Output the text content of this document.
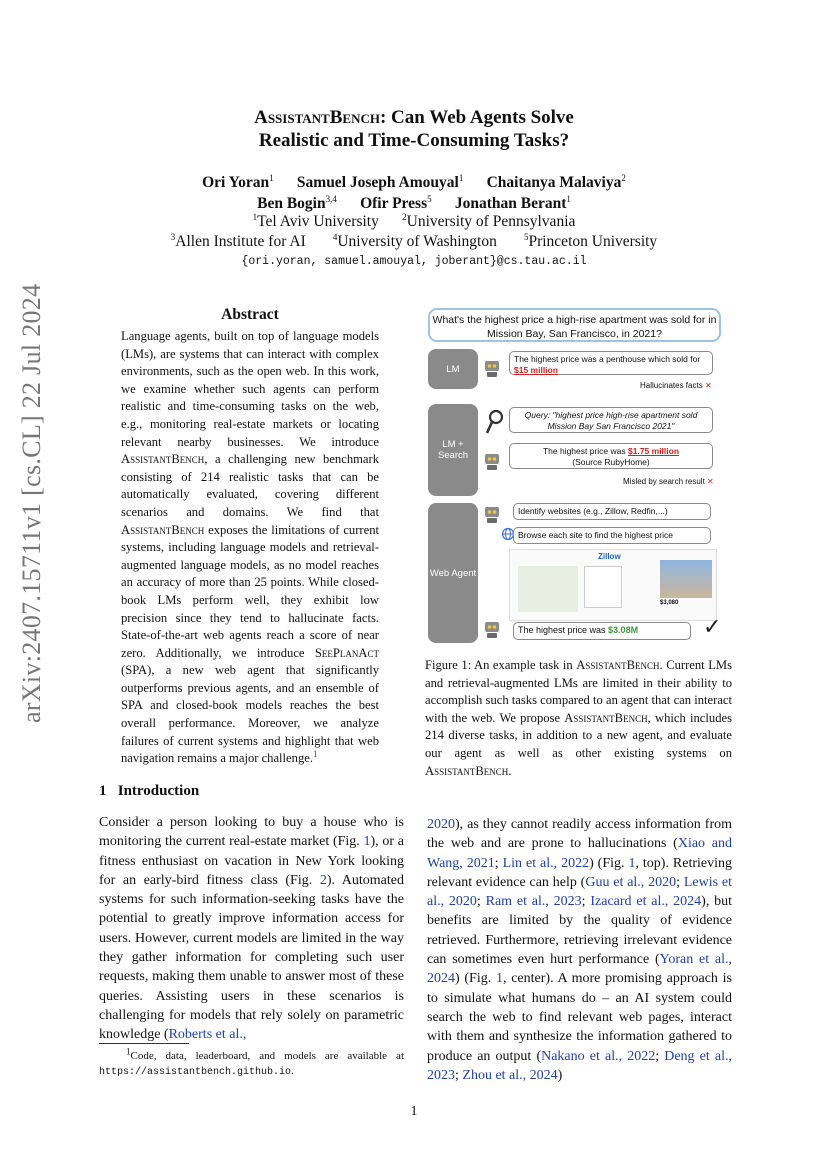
arXiv:2407.15711v1 [cs.CL] 22 Jul 2024
AssistantBench: Can Web Agents Solve
Realistic and Time-Consuming Tasks?
Ori Yoran$^1$ Samuel Joseph Amouyal$^1$ Chaitanya Malaviya$^2$
Ben Bogin$^{3,4}$ Ofir Press$^5$ Jonathan Berant$^1$
$^1$Tel Aviv University	$^2$University of Pennsylvania
$^3$Allen Institute for AI	$^4$University of Washington	$^5$Princeton University
{ori.yoran, samuel.amouyal, joberant}@cs.tau.ac.il
Abstract
Language agents, built on top of language models (LMs), are systems that can interact with complex environments, such as the open web. In this work, we examine whether such agents can perform realistic and time-consuming tasks on the web, e.g., monitoring real-estate markets or locating relevant nearby businesses. We introduce AssistantBench, a challenging new benchmark consisting of 214 realistic tasks that can be automatically evaluated, covering different scenarios and domains. We find that AssistantBench exposes the limitations of current systems, including language models and retrieval-augmented language models, as no model reaches an accuracy of more than 25 points. While closed-book LMs perform well, they exhibit low precision since they tend to hallucinate facts. State-of-the-art web agents reach a score of near zero. Additionally, we introduce SeePlanAct (SPA), a new web agent that significantly outperforms previous agents, and an ensemble of SPA and closed-book models reaches the best overall performance. Moreover, we analyze failures of current systems and highlight that web navigation remains a major challenge.$^1$
What's the highest price a high-rise apartment was sold for in Mission Bay, San Francisco, in 2021?
LM
The highest price was a penthouse which sold for $15 million
Hallucinates facts ✕
LM + Search
Query: "highest price high-rise apartment sold Mission Bay San Francisco 2021"
The highest price was $1.75 million
(Source RubyHome)
Misled by search result ✕
Web Agent
Identify websites (e.g., Zillow, Redfin,...)
Browse each site to find the highest price
Zillow
$3,080
The highest price was $3.08M	✓
Figure 1: An example task in AssistantBench. Current LMs and retrieval-augmented LMs are limited in their ability to accomplish such tasks compared to an agent that can interact with the web. We propose AssistantBench, which includes 214 diverse tasks, in addition to a new agent, and evaluate our agent as well as other existing systems on AssistantBench.
1 Introduction
Consider a person looking to buy a house who is monitoring the current real-estate market (Fig. 1), or a fitness enthusiast on vacation in New York looking for an early-bird fitness class (Fig. 2). Automated systems for such information-seeking tasks have the potential to greatly improve information access for users. However, current models are limited in the way they gather information for completing such user requests, making them unable to answer most of these queries. Assisting users in these scenarios is challenging for models that rely solely on parametric knowledge (Roberts et al.,
2020), as they cannot readily access information from the web and are prone to hallucinations (Xiao and Wang, 2021; Lin et al., 2022) (Fig. 1, top). Retrieving relevant evidence can help (Guu et al., 2020; Lewis et al., 2020; Ram et al., 2023; Izacard et al., 2024), but benefits are limited by the quality of evidence retrieved. Furthermore, retrieving irrelevant evidence can sometimes even hurt performance (Yoran et al., 2024) (Fig. 1, center). A more promising approach is to simulate what humans do – an AI system could search the web to find relevant web pages, interact with them and synthesize the information gathered to produce an output (Nakano et al., 2022; Deng et al., 2023; Zhou et al., 2024)
$^1$Code, data, leaderboard, and models are available at https://assistantbench.github.io.
1
